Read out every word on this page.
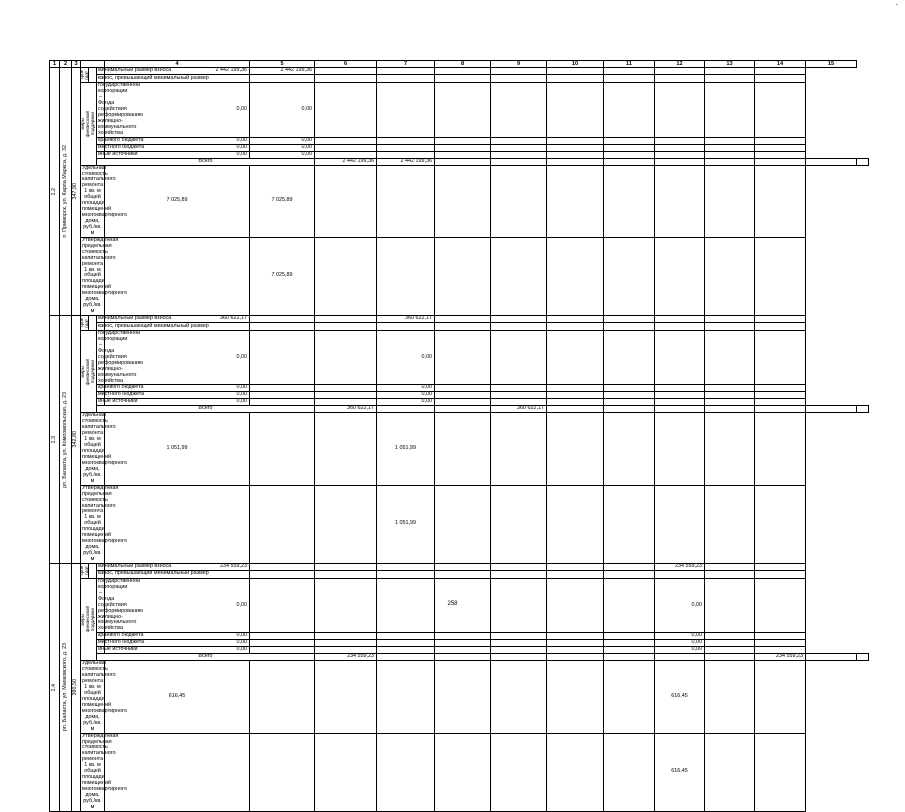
1	2	3				4	5	6	7	8	9	10	11	12	13	14	15	

1.2	п. Приморск, ул. Карла Маркса, д. 32	347,90	срок (дат		минимальный размер взноса	2 442 199,36	2 442 199,36											
					взнос, превышающий минимальный размер													

			меры финансовой поддержки		государственной корпорации – Фонда содействия реформированию жилищно-коммунального хозяйства	0,00	0,00											
					краевого бюджета	0,00	0,00											
					местного бюджета	0,00	0,00											
					иные источники	0,00	0,00											
					Всего			2 442 199,36	2 442 199,36									
			Удельная стоимость капитального ремонта 1 кв. м общей площади помещений многоквартирного дома, руб./кв. м			7 025,89	7 025,89											
			Утвержденная предельная стоимость капитального ремонта 1 кв. м общей площади помещений многоквартирного дома, руб./кв. м				7 025,89											

1.3	рп. Балахта, ул. Комсомольская, д. 23	342,80	срок (дат		минимальный размер взноса	360 622,17			360 622,17									
					взнос, превышающий минимальный размер													

			меры финансовой поддержки		государственной корпорации – Фонда содействия реформированию жилищно-коммунального хозяйства	0,00			0,00									
					краевого бюджета	0,00			0,00									
					местного бюджета	0,00			0,00									
					иные источники	0,00			0,00									
					Всего			360 622,17			360 622,17							
			Удельная стоимость капитального ремонта 1 кв. м общей площади помещений многоквартирного дома, руб./кв. м			1 051,99			1 051,99									
			Утвержденная предельная стоимость капитального ремонта 1 кв. м общей площади помещений многоквартирного дома, руб./кв. м						1 051,99									

1.4	рп. Балахта, ул. Маяковского, д. 23	380,50	срок (дат		минимальный размер взноса	234 559,23								234 559,23				
					взнос, превышающий минимальный размер													

			меры финансовой поддержки		государственной корпорации – Фонда содействия реформированию жилищно-коммунального хозяйства	0,00								0,00				
					краевого бюджета	0,00								0,00				
					местного бюджета	0,00								0,00				
					иные источники	0,00								0,00				
					Всего			234 559,23								234 559,23		
			Удельная стоимость капитального ремонта 1 кв. м общей площади помещений многоквартирного дома, руб./кв. м			616,45								616,45				
			Утвержденная предельная стоимость капитального ремонта 1 кв. м общей площади помещений многоквартирного дома, руб./кв. м											616,45				
258
-
